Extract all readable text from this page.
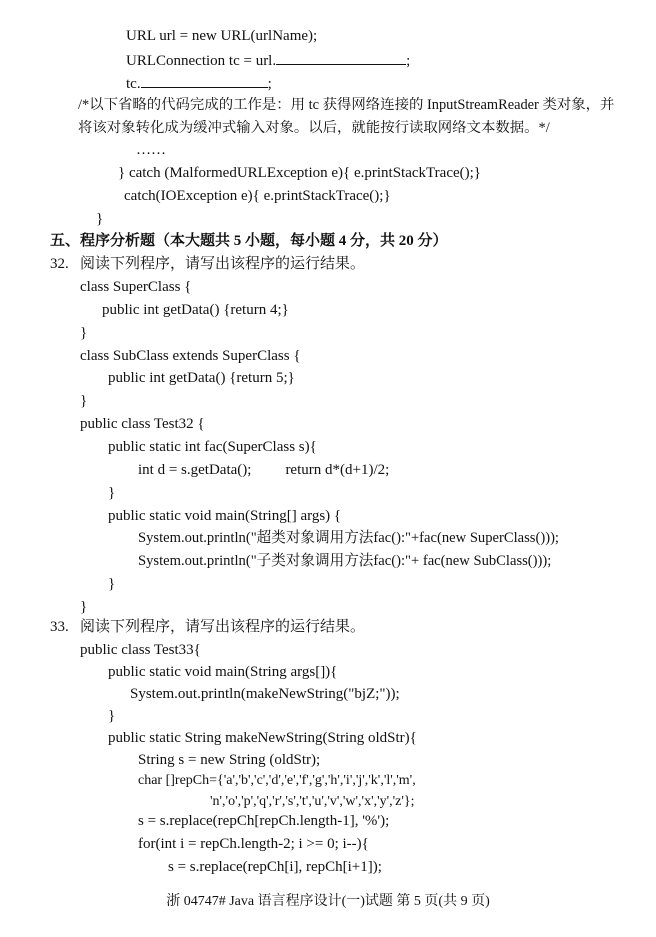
URL url = new URL(urlName);
URLConnection tc = url.	;
tc.	;
/*以下省略的代码完成的工作是：用 tc 获得网络连接的 InputStreamReader 类对象，并
将该对象转化成为缓冲式输入对象。以后，就能按行读取网络文本数据。*/
……
} catch (MalformedURLException e){ e.printStackTrace();}
catch(IOException e){ e.printStackTrace();}
}
五、程序分析题（本大题共 5 小题，每小题 4 分，共 20 分）
32. 阅读下列程序，请写出该程序的运行结果。
class SuperClass {
public int getData() {return 4;}
}
class SubClass extends SuperClass {
public int getData() {return 5;}
}
public class Test32 {
public static int fac(SuperClass s){
int d = s.getData(); return d*(d+1)/2;
}
public static void main(String[] args) {
System.out.println("超类对象调用方法fac():"+fac(new SuperClass()));
System.out.println("子类对象调用方法fac():"+ fac(new SubClass()));
}
}
33. 阅读下列程序，请写出该程序的运行结果。
public class Test33{
public static void main(String args[]){
System.out.println(makeNewString("bjZ;"));
}
public static String makeNewString(String oldStr){
String s = new String (oldStr);
char []repCh={'a','b','c','d','e','f','g','h','i','j','k','l','m',
'n','o','p','q','r','s','t','u','v','w','x','y','z'};
s = s.replace(repCh[repCh.length-1], '%');
for(int i = repCh.length-2; i >= 0; i--){
浙 04747# Java 语言程序设计(一)试题 第 5 页(共 9 页)
s = s.replace(repCh[i], repCh[i+1]);
